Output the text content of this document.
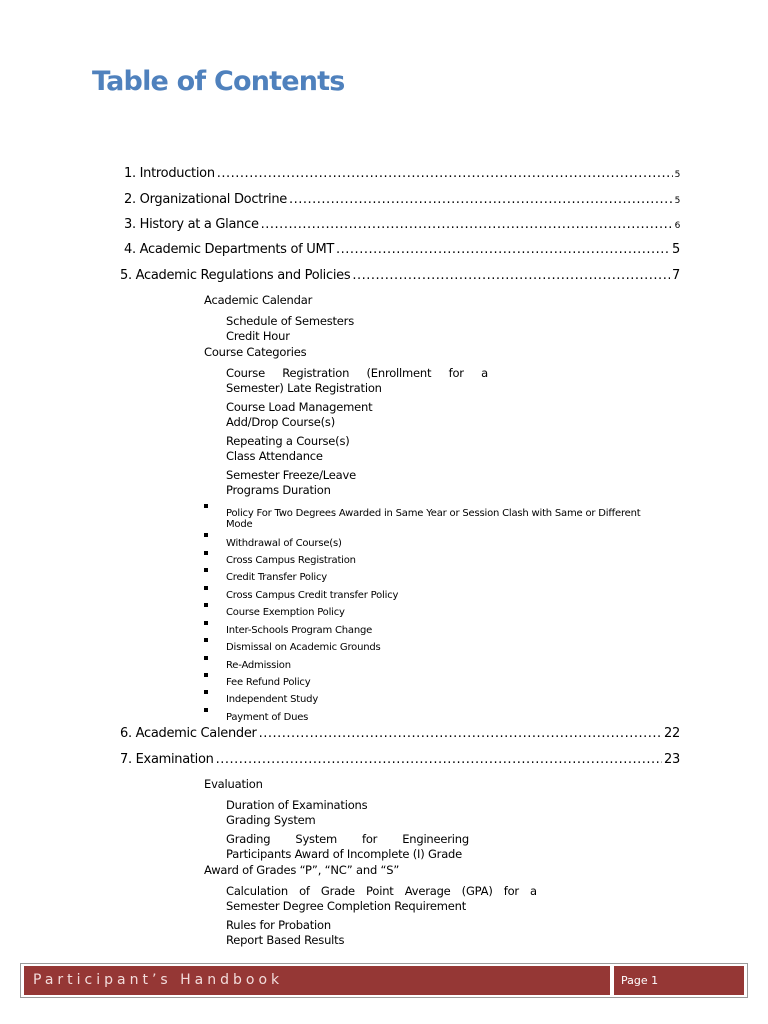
Table of Contents
1. Introduction .....	5
2. Organizational Doctrine .....	5
3. History at a Glance .....	6
4. Academic Departments of UMT .....	5
5. Academic Regulations and Policies .....	7
Academic Calendar
Schedule of Semesters
Credit Hour
Course Categories
Course Registration (Enrollment for a
Semester) Late Registration
Course Load Management
Add/Drop Course(s)
Repeating a Course(s)
Class Attendance
Semester Freeze/Leave
Programs Duration
Policy For Two Degrees Awarded in Same Year or Session Clash with Same or Different
Mode
Withdrawal of Course(s)
Cross Campus Registration
Credit Transfer Policy
Cross Campus Credit transfer Policy
Course Exemption Policy
Inter-Schools Program Change
Dismissal on Academic Grounds
Re-Admission
Fee Refund Policy
Independent Study
Payment of Dues
6. Academic Calender .....	22
7. Examination .....	23
Evaluation
Duration of Examinations
Grading System
Grading System for Engineering
Participants Award of Incomplete (I) Grade
Award of Grades “P”, “NC” and “S”
Calculation of Grade Point Average (GPA) for a
Semester Degree Completion Requirement
Rules for Probation
Report Based Results
Participant’s Handbook	Page 1
